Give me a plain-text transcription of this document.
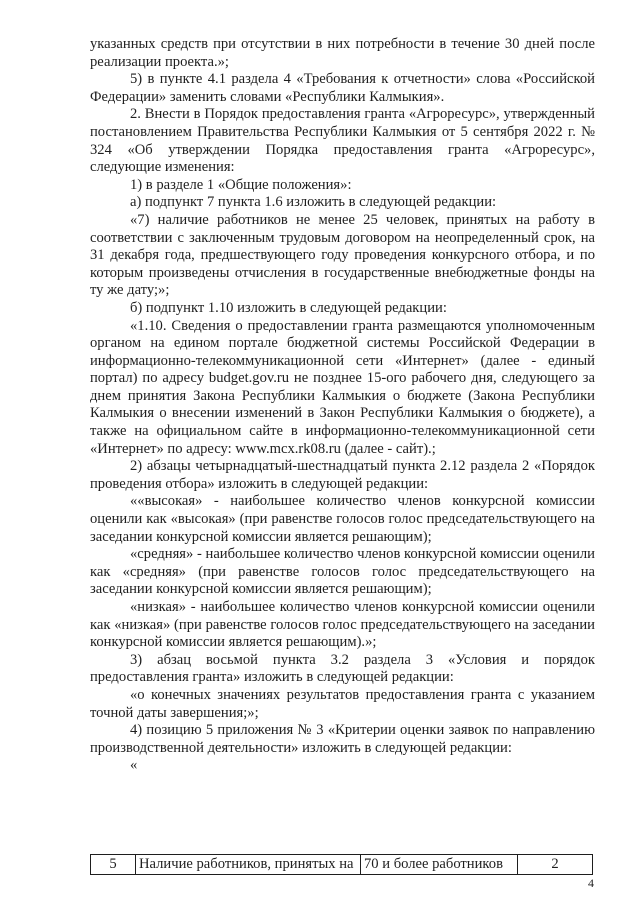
указанных средств при отсутствии в них потребности в течение 30 дней после реализации проекта.»;

5) в пункте 4.1 раздела 4 «Требования к отчетности» слова «Российской Федерации» заменить словами «Республики Калмыкия».

2. Внести в Порядок предоставления гранта «Агроресурс», утвержденный постановлением Правительства Республики Калмыкия от 5 сентября 2022 г. № 324 «Об утверждении Порядка предоставления гранта «Агроресурс», следующие изменения:

1) в разделе 1 «Общие положения»:

а) подпункт 7 пункта 1.6 изложить в следующей редакции:

«7) наличие работников не менее 25 человек, принятых на работу в соответствии с заключенным трудовым договором на неопределенный срок, на 31 декабря года, предшествующего году проведения конкурсного отбора, и по которым произведены отчисления в государственные внебюджетные фонды на ту же дату;»;

б) подпункт 1.10 изложить в следующей редакции:

«1.10. Сведения о предоставлении гранта размещаются уполномоченным органом на едином портале бюджетной системы Российской Федерации в информационно-телекоммуникационной сети «Интернет» (далее - единый портал) по адресу budget.gov.ru не позднее 15-ого рабочего дня, следующего за днем принятия Закона Республики Калмыкия о бюджете (Закона Республики Калмыкия о внесении изменений в Закон Республики Калмыкия о бюджете), а также на официальном сайте в информационно-телекоммуникационной сети «Интернет» по адресу: www.mcx.rk08.ru (далее - сайт).;

2) абзацы четырнадцатый-шестнадцатый пункта 2.12 раздела 2 «Порядок проведения отбора» изложить в следующей редакции:

««высокая» - наибольшее количество членов конкурсной комиссии оценили как «высокая» (при равенстве голосов голос председательствующего на заседании конкурсной комиссии является решающим);

«средняя» - наибольшее количество членов конкурсной комиссии оценили как «средняя» (при равенстве голосов голос председательствующего на заседании конкурсной комиссии является решающим);

«низкая» - наибольшее количество членов конкурсной комиссии оценили как «низкая» (при равенстве голосов голос председательствующего на заседании конкурсной комиссии является решающим).»;

3) абзац восьмой пункта 3.2 раздела 3 «Условия и порядок предоставления гранта» изложить в следующей редакции:

«о конечных значениях результатов предоставления гранта с указанием точной даты завершения;»;

4) позицию 5 приложения № 3 «Критерии оценки заявок по направлению производственной деятельности» изложить в следующей редакции:

«

5	Наличие работников, принятых на	70 и более работников	2
4
